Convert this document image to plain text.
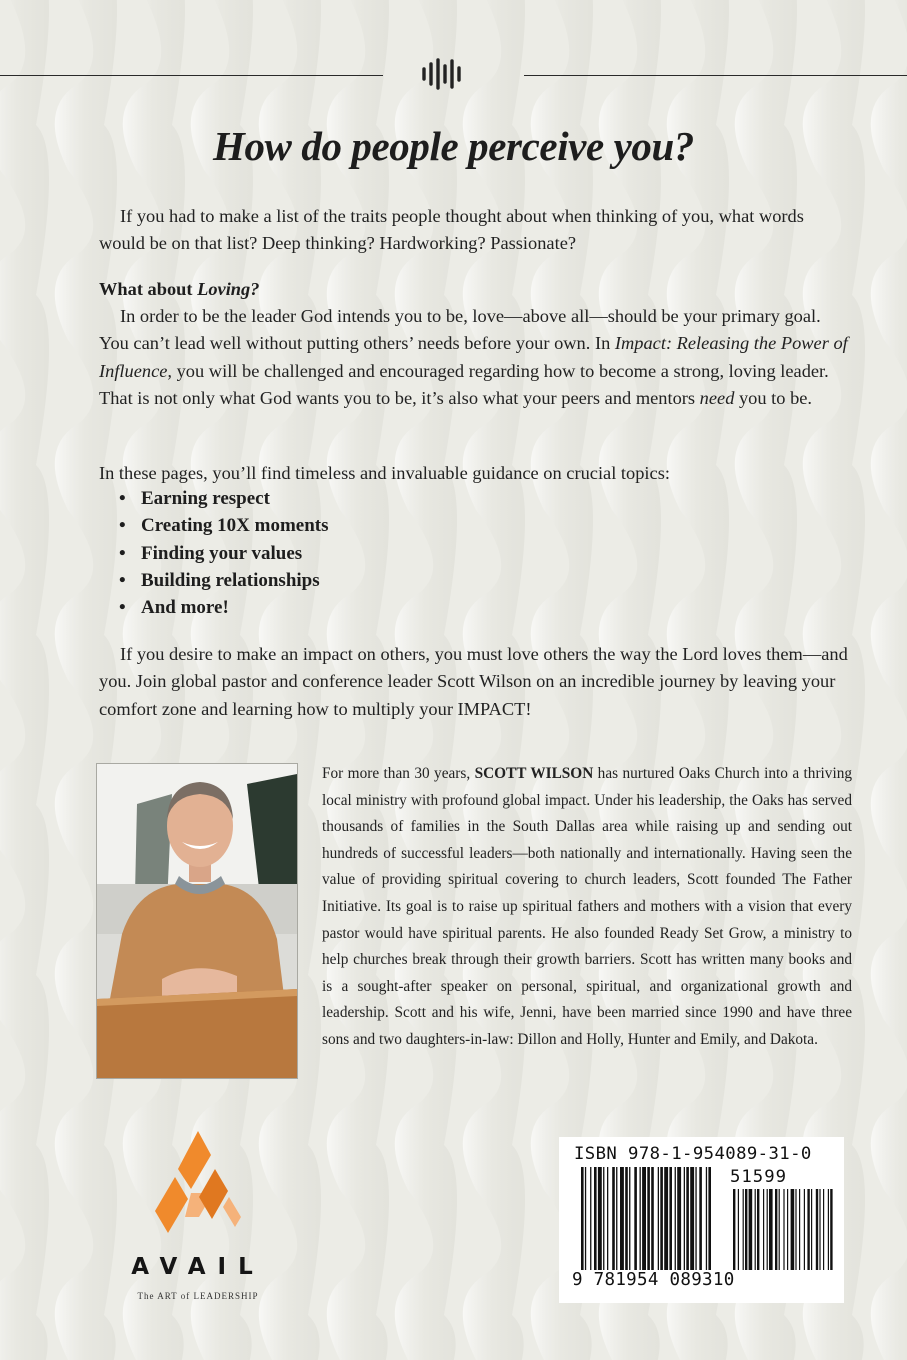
How do people perceive you?

If you had to make a list of the traits people thought about when thinking of you, what words would be on that list? Deep thinking? Hardworking? Passionate?

What about Loving?

In order to be the leader God intends you to be, love—above all—should be your primary goal. You can’t lead well without putting others’ needs before your own. In Impact: Releasing the Power of Influence, you will be challenged and encouraged regarding how to become a strong, loving leader. That is not only what God wants you to be, it’s also what your peers and mentors need you to be.

In these pages, you’ll find timeless and invaluable guidance on crucial topics:

• Earning respect
• Creating 10X moments
• Finding your values
• Building relationships
• And more!

If you desire to make an impact on others, you must love others the way the Lord loves them—and you. Join global pastor and conference leader Scott Wilson on an incredible journey by leaving your comfort zone and learning how to multiply your IMPACT!

For more than 30 years, SCOTT WILSON has nurtured Oaks Church into a thriving local ministry with profound global impact. Under his leadership, the Oaks has served thousands of families in the South Dallas area while raising up and sending out hundreds of successful leaders—both nationally and internationally. Having seen the value of providing spiritual covering to church leaders, Scott founded The Father Initiative. Its goal is to raise up spiritual fathers and mothers with a vision that every pastor would have spiritual parents. He also founded Ready Set Grow, a ministry to help churches break through their growth barriers. Scott has written many books and is a sought-after speaker on personal, spiritual, and organizational growth and leadership. Scott and his wife, Jenni, have been married since 1990 and have three sons and two daughters-in-law: Dillon and Holly, Hunter and Emily, and Dakota.

AVAIL
The ART of LEADERSHIP
ISBN 978-1-954089-31-0
51599
9 781954 089310
